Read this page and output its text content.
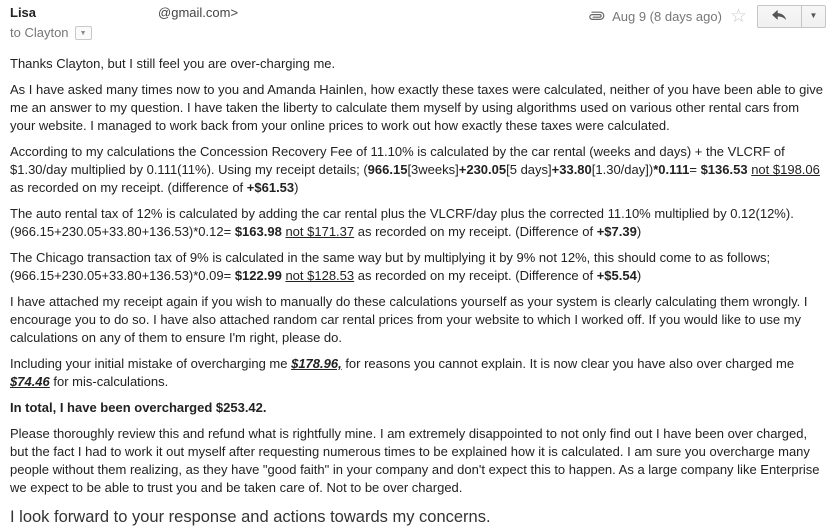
Lisa	@gmail.com>
to Clayton ▼
Aug 9 (8 days ago) ☆	▼

Thanks Clayton, but I still feel you are over-charging me.

As I have asked many times now to you and Amanda Hainlen, how exactly these taxes were calculated, neither of you have been able to give me an answer to my question. I have taken the liberty to calculate them myself by using algorithms used on various other rental cars from your website. I managed to work back from your online prices to work out how exactly these taxes were calculated.

According to my calculations the Concession Recovery Fee of 11.10% is calculated by the car rental (weeks and days) + the VLCRF of $1.30/day multiplied by 0.111(11%). Using my receipt details; (966.15[3weeks]+230.05[5 days]+33.80[1.30/day])*0.111= $136.53 not $198.06 as recorded on my receipt. (difference of +$61.53)

The auto rental tax of 12% is calculated by adding the car rental plus the VLCRF/day plus the corrected 11.10% multiplied by 0.12(12%). (966.15+230.05+33.80+136.53)*0.12= $163.98 not $171.37 as recorded on my receipt. (Difference of +$7.39)

The Chicago transaction tax of 9% is calculated in the same way but by multiplying it by 9% not 12%, this should come to as follows; (966.15+230.05+33.80+136.53)*0.09= $122.99 not $128.53 as recorded on my receipt. (Difference of +$5.54)

I have attached my receipt again if you wish to manually do these calculations yourself as your system is clearly calculating them wrongly. I encourage you to do so. I have also attached random car rental prices from your website to which I worked off. If you would like to use my calculations on any of them to ensure I'm right, please do.

Including your initial mistake of overcharging me $178.96, for reasons you cannot explain. It is now clear you have also over charged me $74.46 for mis-calculations.

In total, I have been overcharged $253.42.

Please thoroughly review this and refund what is rightfully mine. I am extremely disappointed to not only find out I have been over charged, but the fact I had to work it out myself after requesting numerous times to be explained how it is calculated. I am sure you overcharge many people without them realizing, as they have "good faith" in your company and don't expect this to happen. As a large company like Enterprise we expect to be able to trust you and be taken care of. Not to be over charged.

I look forward to your response and actions towards my concerns.
